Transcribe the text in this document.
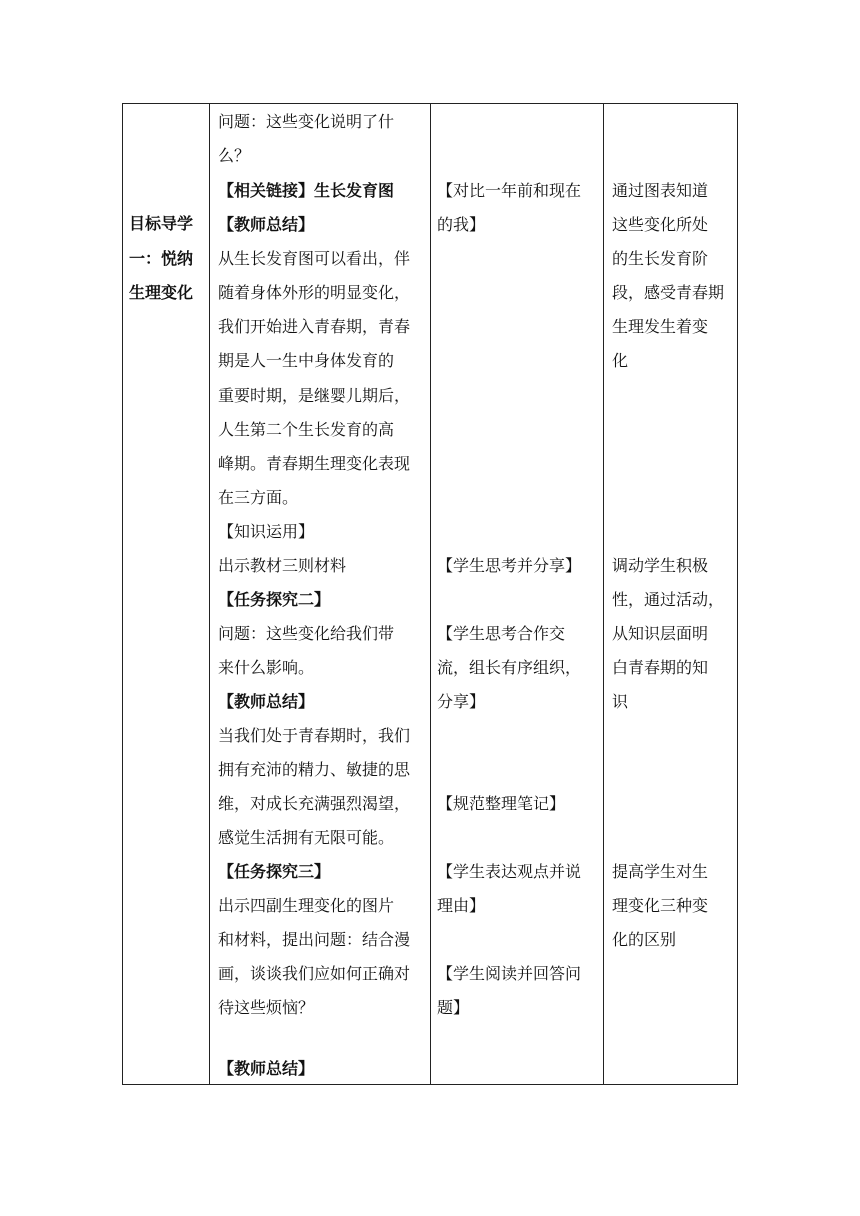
目标导学
一：悦纳
生理变化
问题：这些变化说明了什
么？
【相关链接】生长发育图
【教师总结】
从生长发育图可以看出，伴
随着身体外形的明显变化，
我们开始进入青春期，青春
期是人一生中身体发育的
重要时期，是继婴儿期后，
人生第二个生长发育的高
峰期。青春期生理变化表现
在三方面。
【知识运用】
出示教材三则材料
【任务探究二】
问题：这些变化给我们带
来什么影响。
【教师总结】
当我们处于青春期时，我们
拥有充沛的精力、敏捷的思
维，对成长充满强烈渴望，
感觉生活拥有无限可能。
【任务探究三】
出示四副生理变化的图片
和材料，提出问题：结合漫
画，谈谈我们应如何正确对
待这些烦恼？
【教师总结】
【对比一年前和现在
的我】
【学生思考并分享】
【学生思考合作交
流，组长有序组织，
分享】
【规范整理笔记】
【学生表达观点并说
理由】
【学生阅读并回答问
题】
通过图表知道
这些变化所处
的生长发育阶
段，感受青春期
生理发生着变
化
调动学生积极
性，通过活动，
从知识层面明
白青春期的知
识
提高学生对生
理变化三种变
化的区别
